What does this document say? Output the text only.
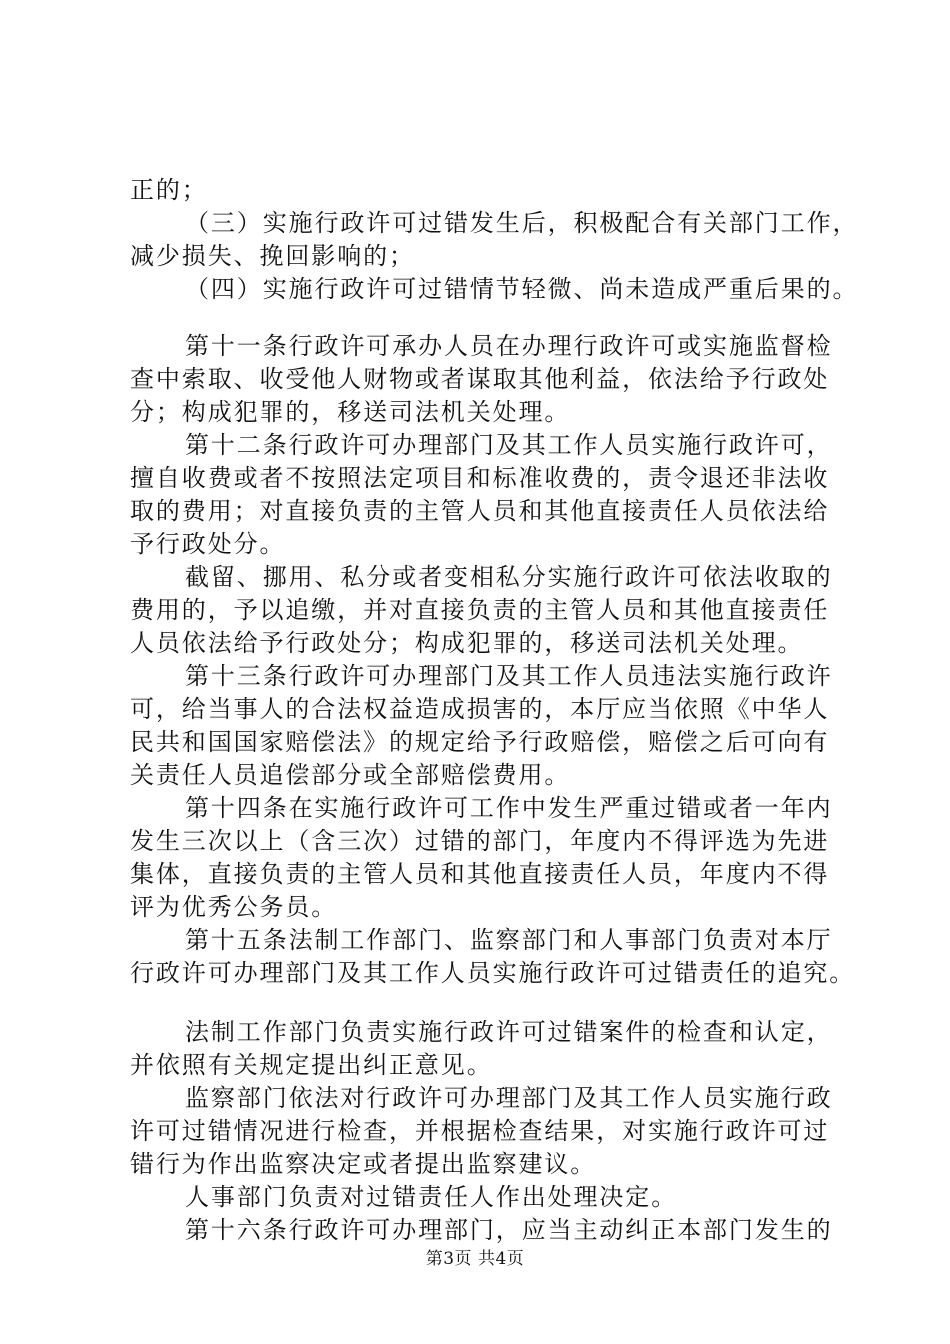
正的；
（三）实施行政许可过错发生后，积极配合有关部门工作，
减少损失、挽回影响的；
（四）实施行政许可过错情节轻微、尚未造成严重后果的。
第十一条行政许可承办人员在办理行政许可或实施监督检
查中索取、收受他人财物或者谋取其他利益，依法给予行政处
分；构成犯罪的，移送司法机关处理。
第十二条行政许可办理部门及其工作人员实施行政许可，
擅自收费或者不按照法定项目和标准收费的，责令退还非法收
取的费用；对直接负责的主管人员和其他直接责任人员依法给
予行政处分。
截留、挪用、私分或者变相私分实施行政许可依法收取的
费用的，予以追缴，并对直接负责的主管人员和其他直接责任
人员依法给予行政处分；构成犯罪的，移送司法机关处理。
第十三条行政许可办理部门及其工作人员违法实施行政许
可，给当事人的合法权益造成损害的，本厅应当依照《中华人
民共和国国家赔偿法》的规定给予行政赔偿，赔偿之后可向有
关责任人员追偿部分或全部赔偿费用。
第十四条在实施行政许可工作中发生严重过错或者一年内
发生三次以上（含三次）过错的部门，年度内不得评选为先进
集体，直接负责的主管人员和其他直接责任人员，年度内不得
评为优秀公务员。
第十五条法制工作部门、监察部门和人事部门负责对本厅
行政许可办理部门及其工作人员实施行政许可过错责任的追究。
法制工作部门负责实施行政许可过错案件的检查和认定，
并依照有关规定提出纠正意见。
监察部门依法对行政许可办理部门及其工作人员实施行政
许可过错情况进行检查，并根据检查结果，对实施行政许可过
错行为作出监察决定或者提出监察建议。
人事部门负责对过错责任人作出处理决定。
第十六条行政许可办理部门，应当主动纠正本部门发生的
第3页 共4页
